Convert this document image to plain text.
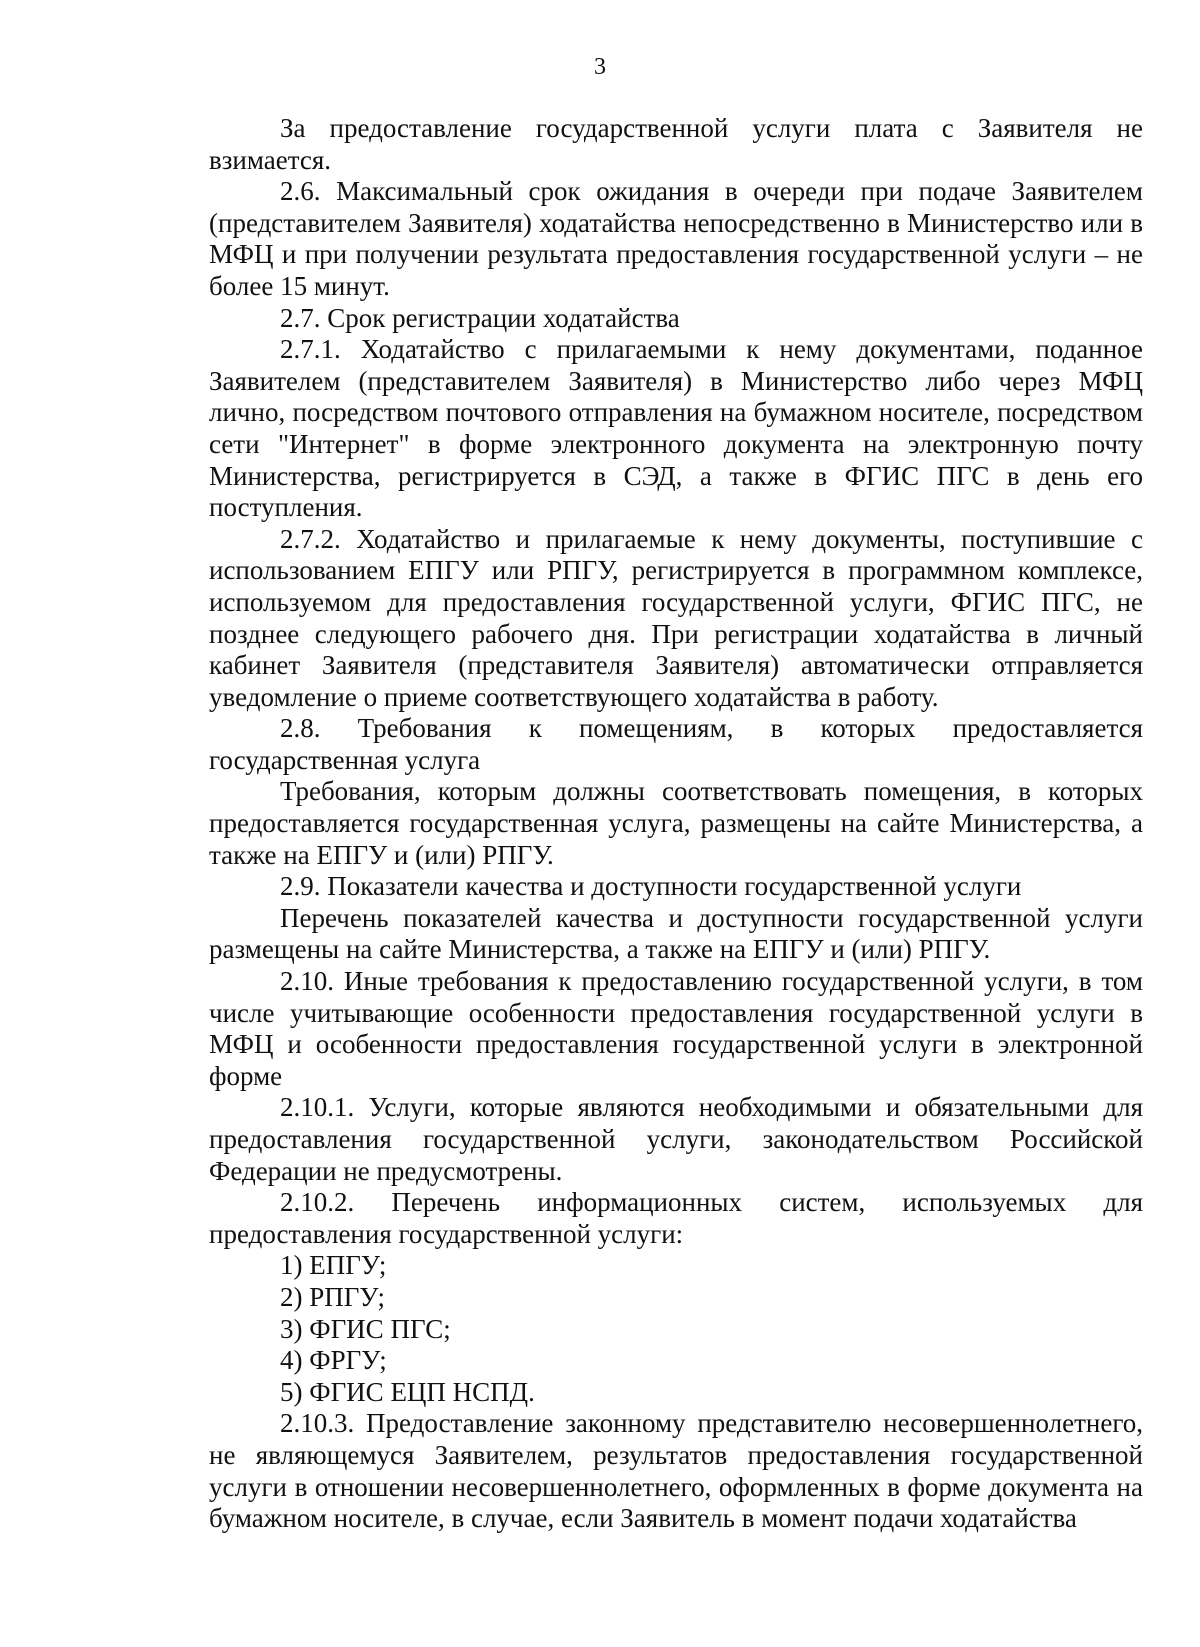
3

За предоставление государственной услуги плата с Заявителя не взимается.

2.6. Максимальный срок ожидания в очереди при подаче Заявителем (представителем Заявителя) ходатайства непосредственно в Министерство или в МФЦ и при получении результата предоставления государственной услуги – не более 15 минут.

2.7. Срок регистрации ходатайства

2.7.1. Ходатайство с прилагаемыми к нему документами, поданное Заявителем (представителем Заявителя) в Министерство либо через МФЦ лично, посредством почтового отправления на бумажном носителе, посредством сети "Интернет" в форме электронного документа на электронную почту Министерства, регистрируется в СЭД, а также в ФГИС ПГС в день его поступления.

2.7.2. Ходатайство и прилагаемые к нему документы, поступившие с использованием ЕПГУ или РПГУ, регистрируется в программном комплексе, используемом для предоставления государственной услуги, ФГИС ПГС, не позднее следующего рабочего дня. При регистрации ходатайства в личный кабинет Заявителя (представителя Заявителя) автоматически отправляется уведомление о приеме соответствующего ходатайства в работу.

2.8. Требования к помещениям, в которых предоставляется государственная услуга

Требования, которым должны соответствовать помещения, в которых предоставляется государственная услуга, размещены на сайте Министерства, а также на ЕПГУ и (или) РПГУ.

2.9. Показатели качества и доступности государственной услуги

Перечень показателей качества и доступности государственной услуги размещены на сайте Министерства, а также на ЕПГУ и (или) РПГУ.

2.10. Иные требования к предоставлению государственной услуги, в том числе учитывающие особенности предоставления государственной услуги в МФЦ и особенности предоставления государственной услуги в электронной форме

2.10.1. Услуги, которые являются необходимыми и обязательными для предоставления государственной услуги, законодательством Российской Федерации не предусмотрены.

2.10.2. Перечень информационных систем, используемых для предоставления государственной услуги:

1) ЕПГУ;

2) РПГУ;

3) ФГИС ПГС;

4) ФРГУ;

5) ФГИС ЕЦП НСПД.

2.10.3. Предоставление законному представителю несовершеннолетнего, не являющемуся Заявителем, результатов предоставления государственной услуги в отношении несовершеннолетнего, оформленных в форме документа на бумажном носителе, в случае, если Заявитель в момент подачи ходатайства
